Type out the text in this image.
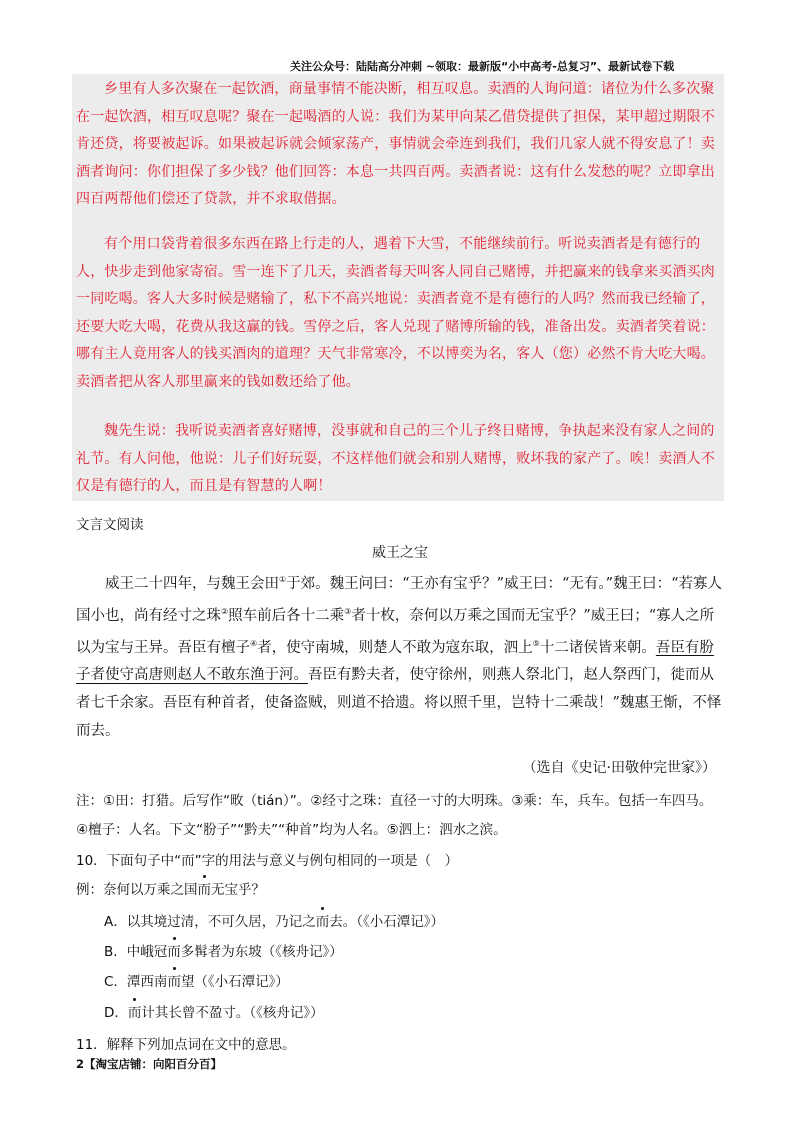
关注公众号：陆陆高分冲刺 ~领取：最新版“小中高考-总复习”、最新试卷下载

乡里有人多次聚在一起饮酒，商量事情不能决断，相互叹息。卖酒的人询问道：诸位为什么多次聚在一起饮酒，相互叹息呢？聚在一起喝酒的人说：我们为某甲向某乙借贷提供了担保，某甲超过期限不肯还贷，将要被起诉。如果被起诉就会倾家荡产，事情就会牵连到我们，我们几家人就不得安息了！卖酒者询问：你们担保了多少钱？他们回答：本息一共四百两。卖酒者说：这有什么发愁的呢？立即拿出四百两帮他们偿还了贷款，并不求取借据。

有个用口袋背着很多东西在路上行走的人，遇着下大雪，不能继续前行。听说卖酒者是有德行的人，快步走到他家寄宿。雪一连下了几天，卖酒者每天叫客人同自己赌博，并把赢来的钱拿来买酒买肉一同吃喝。客人大多时候是赌输了，私下不高兴地说：卖酒者竟不是有德行的人吗？然而我已经输了，还要大吃大喝，花费从我这赢的钱。雪停之后，客人兑现了赌博所输的钱，准备出发。卖酒者笑着说：哪有主人竟用客人的钱买酒肉的道理？天气非常寒冷，不以博奕为名，客人（您）必然不肯大吃大喝。卖酒者把从客人那里赢来的钱如数还给了他。

魏先生说：我听说卖酒者喜好赌博，没事就和自己的三个儿子终日赌博，争执起来没有家人之间的礼节。有人问他，他说：儿子们好玩耍，不这样他们就会和别人赌博，败坏我的家产了。唉！卖酒人不仅是有德行的人，而且是有智慧的人啊！

文言文阅读
威王之宝

威王二十四年，与魏王会田①于郊。魏王问曰：“王亦有宝乎？”威王曰：“无有。”魏王曰：“若寡人国小也，尚有经寸之珠②照车前后各十二乘③者十枚，奈何以万乘之国而无宝乎？”威王曰；“寡人之所以为宝与王异。吾臣有檀子④者，使守南城，则楚人不敢为寇东取，泗上⑤十二诸侯皆来朝。吾臣有肦子者使守高唐则赵人不敢东渔于河。吾臣有黔夫者，使守徐州，则燕人祭北门，赵人祭西门，徙而从者七千余家。吾臣有种首者，使备盗贼，则道不拾遗。将以照千里，岂特十二乘哉！”魏惠王惭，不怿而去。

（选自《史记·田敬仲完世家》）

注：①田：打猎。后写作“畋（tián）”。②经寸之珠：直径一寸的大明珠。③乘：车，兵车。包括一车四马。④檀子：人名。下文“肦子”“黔夫”“种首”均为人名。⑤泗上：泗水之滨。

10．下面句子中“而”字的用法与意义与例句相同的一项是（　）

例：奈何以万乘之国而无宝乎？

A．以其境过清，不可久居，乃记之而去。（《小石潭记》）

B．中峨冠而多髯者为东坡（《核舟记》）

C．潭西南而望（《小石潭记》）

D．而计其长曾不盈寸。（《核舟记》）

11．解释下列加点词在文中的意思。

2【淘宝店铺：向阳百分百】
